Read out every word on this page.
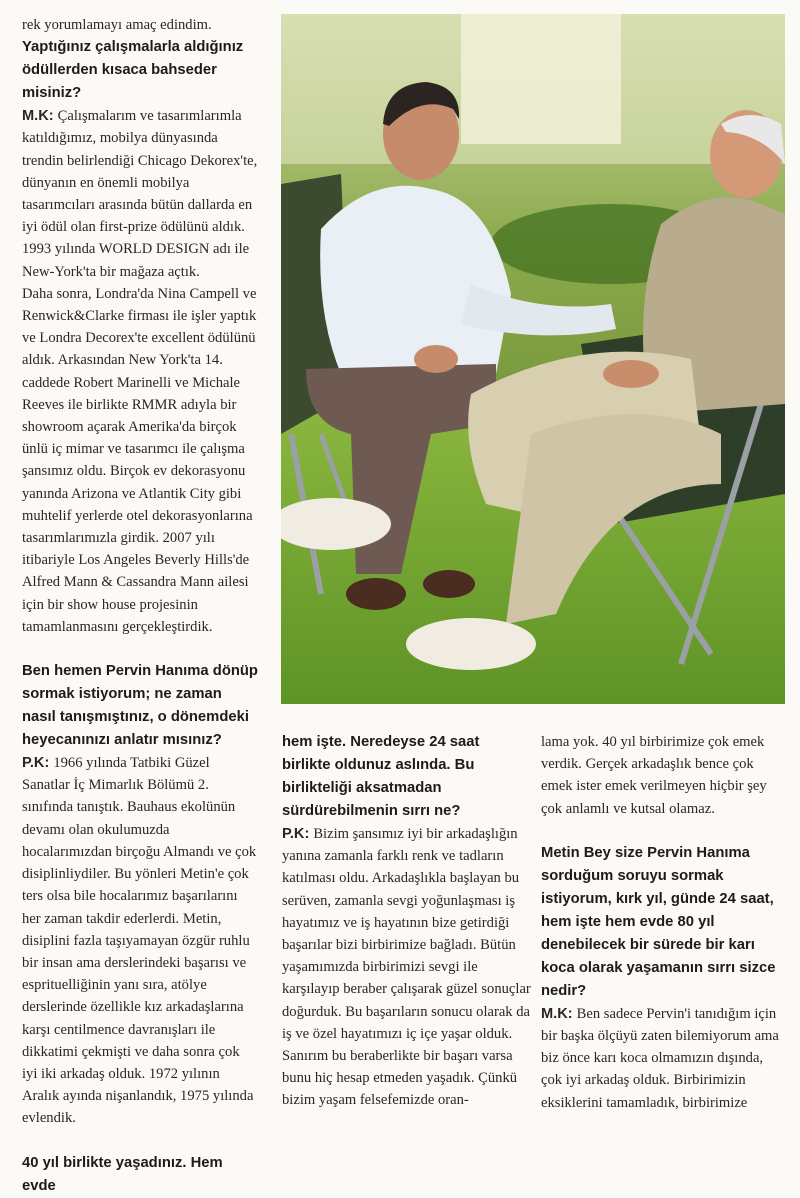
rek yorumlamayı amaç edindim.

Yaptığınız çalışmalarla aldığınız ödüllerden kısaca bahseder misiniz?

M.K: Çalışmalarım ve tasarımlarımla katıldığımız, mobilya dünyasında trendin belirlendiği Chicago Dekorex'te, dünyanın en önemli mobilya tasarımcıları arasında bütün dallarda en iyi ödül olan first-prize ödülünü aldık. 1993 yılında WORLD DESIGN adı ile New-York'ta bir mağaza açtık.

Daha sonra, Londra'da Nina Campell ve Renwick&Clarke firması ile işler yaptık ve Londra Decorex'te excellent ödülünü aldık. Arkasından New York'ta 14. caddede Robert Marinelli ve Michale Reeves ile birlikte RMMR adıyla bir showroom açarak Amerika'da birçok ünlü iç mimar ve tasarımcı ile çalışma şansımız oldu. Birçok ev dekorasyonu yanında Arizona ve Atlantik City gibi muhtelif yerlerde otel dekorasyonlarına tasarımlarımızla girdik. 2007 yılı itibariyle Los Angeles Beverly Hills'de Alfred Mann & Cassandra Mann ailesi için bir show house projesinin tamamlanmasını gerçekleştirdik.

Ben hemen Pervin Hanıma dönüp sormak istiyorum; ne zaman nasıl tanışmıştınız, o dönemdeki heyecanınızı anlatır mısınız?

P.K: 1966 yılında Tatbiki Güzel Sanatlar İç Mimarlık Bölümü 2. sınıfında tanıştık. Bauhaus ekolünün devamı olan okulumuzda hocalarımızdan birçoğu Almandı ve çok disiplinliydiler. Bu yönleri Metin'e çok ters olsa bile hocalarımız başarılarını her zaman takdir ederlerdi. Metin, disiplini fazla taşıyamayan özgür ruhlu bir insan ama derslerindeki başarısı ve esprituelliğinin yanı sıra, atölye derslerinde özellikle kız arkadaşlarına karşı centilmence davranışları ile dikkatimi çekmişti ve daha sonra çok iyi iki arkadaş olduk. 1972 yılının Aralık ayında nişanlandık, 1975 yılında evlendik.

40 yıl birlikte yaşadınız. Hem evde

hem işte. Neredeyse 24 saat birlikte oldunuz aslında. Bu birlikteliği aksatmadan sürdürebilmenin sırrı ne?

P.K: Bizim şansımız iyi bir arkadaşlığın yanına zamanla farklı renk ve tadların katılması oldu. Arkadaşlıkla başlayan bu serüven, zamanla sevgi yoğunlaşması iş hayatımız ve iş hayatının bize getirdiği başarılar bizi birbirimize bağladı. Bütün yaşamımızda birbirimizi sevgi ile karşılayıp beraber çalışarak güzel sonuçlar doğurduk. Bu başarıların sonucu olarak da iş ve özel hayatımızı iç içe yaşar olduk. Sanırım bu beraberlikte bir başarı varsa bunu hiç hesap etmeden yaşadık. Çünkü bizim yaşam felsefemizde oran-

lama yok. 40 yıl birbirimize çok emek verdik. Gerçek arkadaşlık bence çok emek ister emek verilmeyen hiçbir şey çok anlamlı ve kutsal olamaz.

Metin Bey size Pervin Hanıma sorduğum soruyu sormak istiyorum, kırk yıl, günde 24 saat, hem işte hem evde 80 yıl denebilecek bir sürede bir karı koca olarak yaşamanın sırrı sizce nedir?

M.K: Ben sadece Pervin'i tanıdığım için bir başka ölçüyü zaten bilemiyorum ama biz önce karı koca olmamızın dışında, çok iyi arkadaş olduk. Birbirimizin eksiklerini tamamladık, birbirimize
